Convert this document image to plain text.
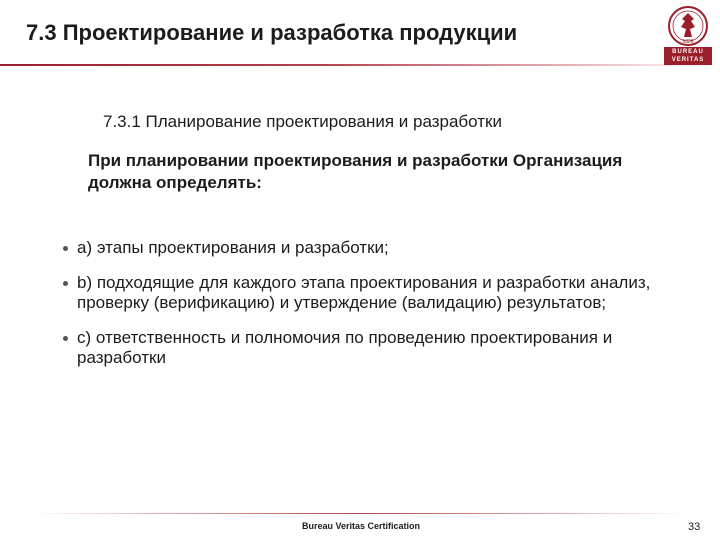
7.3 Проектирование и разработка продукции	1828
BUREAU
VERITAS
7.3.1 Планирование проектирования и разработки
При планировании проектирования и разработки Организация должна определять:
a) этапы проектирования и разработки;
b) подходящие для каждого этапа проектирования и разработки анализ, проверку (верификацию) и утверждение (валидацию) результатов;
c) ответственность и полномочия по проведению проектирования и разработки
Bureau Veritas Certification	33
